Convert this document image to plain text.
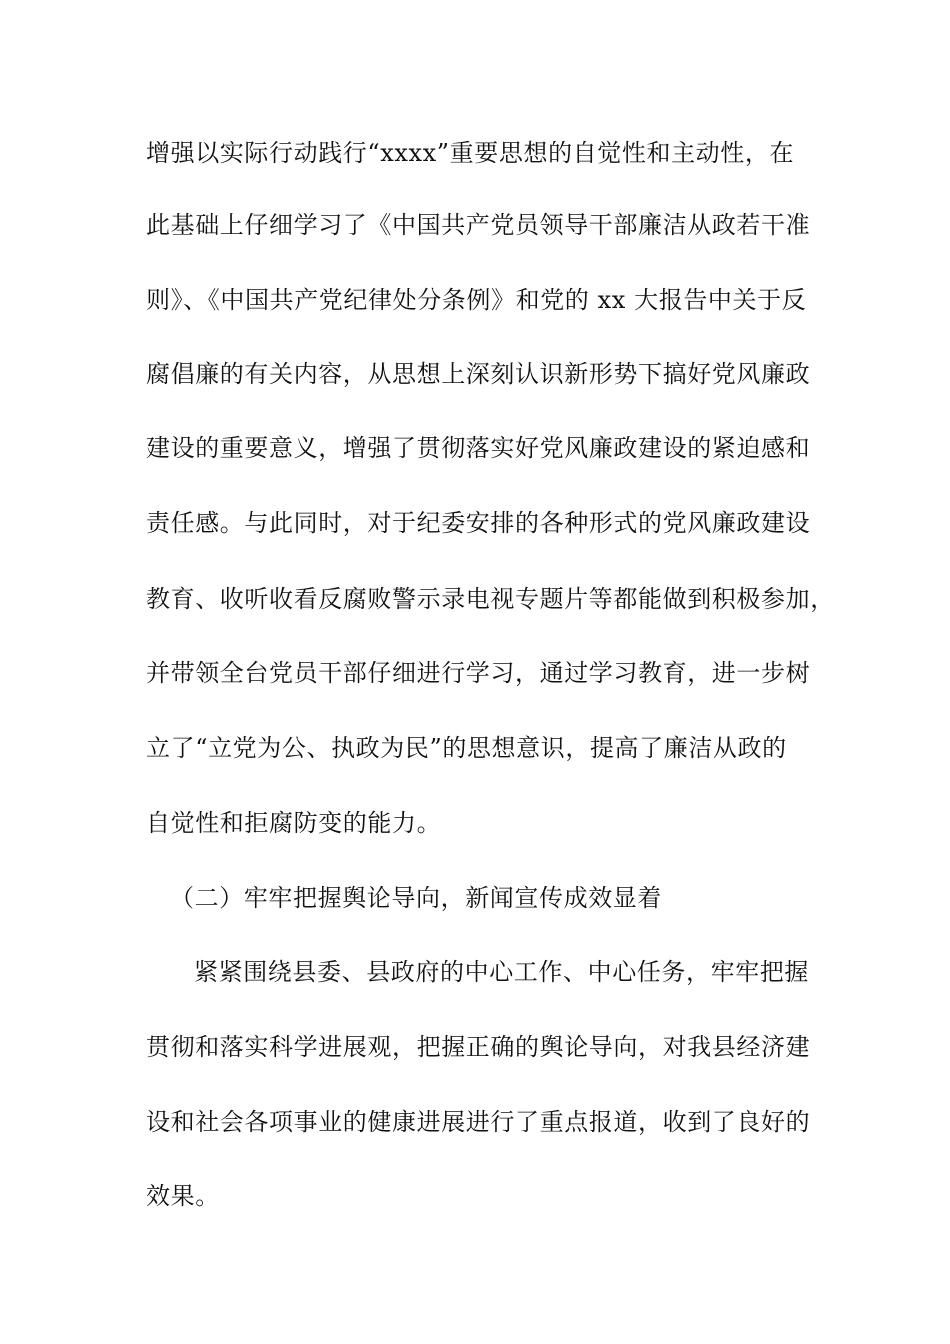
增强以实际行动践行“xxxx”重要思想的自觉性和主动性，在
此基础上仔细学习了《中国共产党员领导干部廉洁从政若干准
则》、《中国共产党纪律处分条例》和党的 xx 大报告中关于反
腐倡廉的有关内容，从思想上深刻认识新形势下搞好党风廉政
建设的重要意义，增强了贯彻落实好党风廉政建设的紧迫感和
责任感。与此同时，对于纪委安排的各种形式的党风廉政建设
教育、收听收看反腐败警示录电视专题片等都能做到积极参加，
并带领全台党员干部仔细进行学习，通过学习教育，进一步树
立了“立党为公、执政为民”的思想意识，提高了廉洁从政的
自觉性和拒腐防变的能力。
（二）牢牢把握舆论导向，新闻宣传成效显着
紧紧围绕县委、县政府的中心工作、中心任务，牢牢把握
贯彻和落实科学进展观，把握正确的舆论导向，对我县经济建
设和社会各项事业的健康进展进行了重点报道，收到了良好的
效果。
